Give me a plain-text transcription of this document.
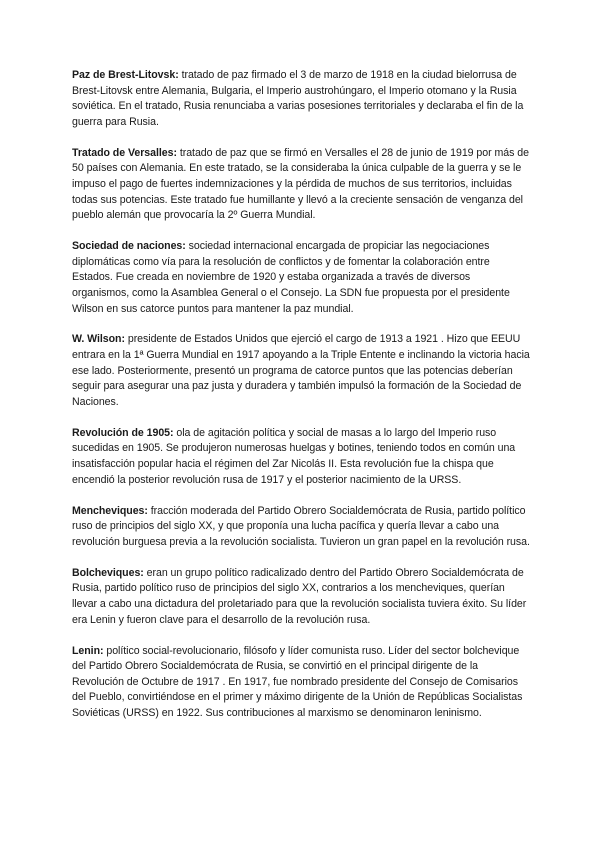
Paz de Brest-Litovsk: tratado de paz firmado el 3 de marzo de 1918 en la ciudad bielorrusa de Brest-Litovsk entre Alemania, Bulgaria, el Imperio austrohúngaro, el Imperio otomano y la Rusia soviética. En el tratado, Rusia renunciaba a varias posesiones territoriales y declaraba el fin de la guerra para Rusia.

Tratado de Versalles: tratado de paz que se firmó en Versalles el 28 de junio de 1919 por más de 50 países con Alemania. En este tratado, se la consideraba la única culpable de la guerra y se le impuso el pago de fuertes indemnizaciones y la pérdida de muchos de sus territorios, incluidas todas sus potencias. Este tratado fue humillante y llevó a la creciente sensación de venganza del pueblo alemán que provocaría la 2º Guerra Mundial.

Sociedad de naciones: sociedad internacional encargada de propiciar las negociaciones diplomáticas como vía para la resolución de conflictos y de fomentar la colaboración entre Estados. Fue creada en noviembre de 1920 y estaba organizada a través de diversos organismos, como la Asamblea General o el Consejo. La SDN fue propuesta por el presidente Wilson en sus catorce puntos para mantener la paz mundial.

W. Wilson: presidente de Estados Unidos que ejerció el cargo de 1913 a 1921 . Hizo que EEUU entrara en la 1ª Guerra Mundial en 1917 apoyando a la Triple Entente e inclinando la victoria hacia ese lado. Posteriormente, presentó un programa de catorce puntos que las potencias deberían seguir para asegurar una paz justa y duradera y también impulsó la formación de la Sociedad de Naciones.

Revolución de 1905: ola de agitación política y social de masas a lo largo del Imperio ruso sucedidas en 1905. Se produjeron numerosas huelgas y botines, teniendo todos en común una insatisfacción popular hacia el régimen del Zar Nicolás II. Esta revolución fue la chispa que encendió la posterior revolución rusa de 1917 y el posterior nacimiento de la URSS.

Mencheviques: fracción moderada del Partido Obrero Socialdemócrata de Rusia, partido político ruso de principios del siglo XX, y que proponía una lucha pacífica y quería llevar a cabo una revolución burguesa previa a la revolución socialista. Tuvieron un gran papel en la revolución rusa.

Bolcheviques: eran un grupo político radicalizado dentro del Partido Obrero Socialdemócrata de Rusia, partido político ruso de principios del siglo XX, contrarios a los mencheviques, querían llevar a cabo una dictadura del proletariado para que la revolución socialista tuviera éxito. Su líder era Lenin y fueron clave para el desarrollo de la revolución rusa.

Lenin: político social-revolucionario, filósofo y líder comunista ruso. Líder del sector bolchevique del Partido Obrero Socialdemócrata de Rusia, se convirtió en el principal dirigente de la Revolución de Octubre de 1917 . En 1917, fue nombrado presidente del Consejo de Comisarios del Pueblo, convirtiéndose en el primer y máximo dirigente de la Unión de Repúblicas Socialistas Soviéticas (URSS) en 1922. Sus contribuciones al marxismo se denominaron leninismo.
